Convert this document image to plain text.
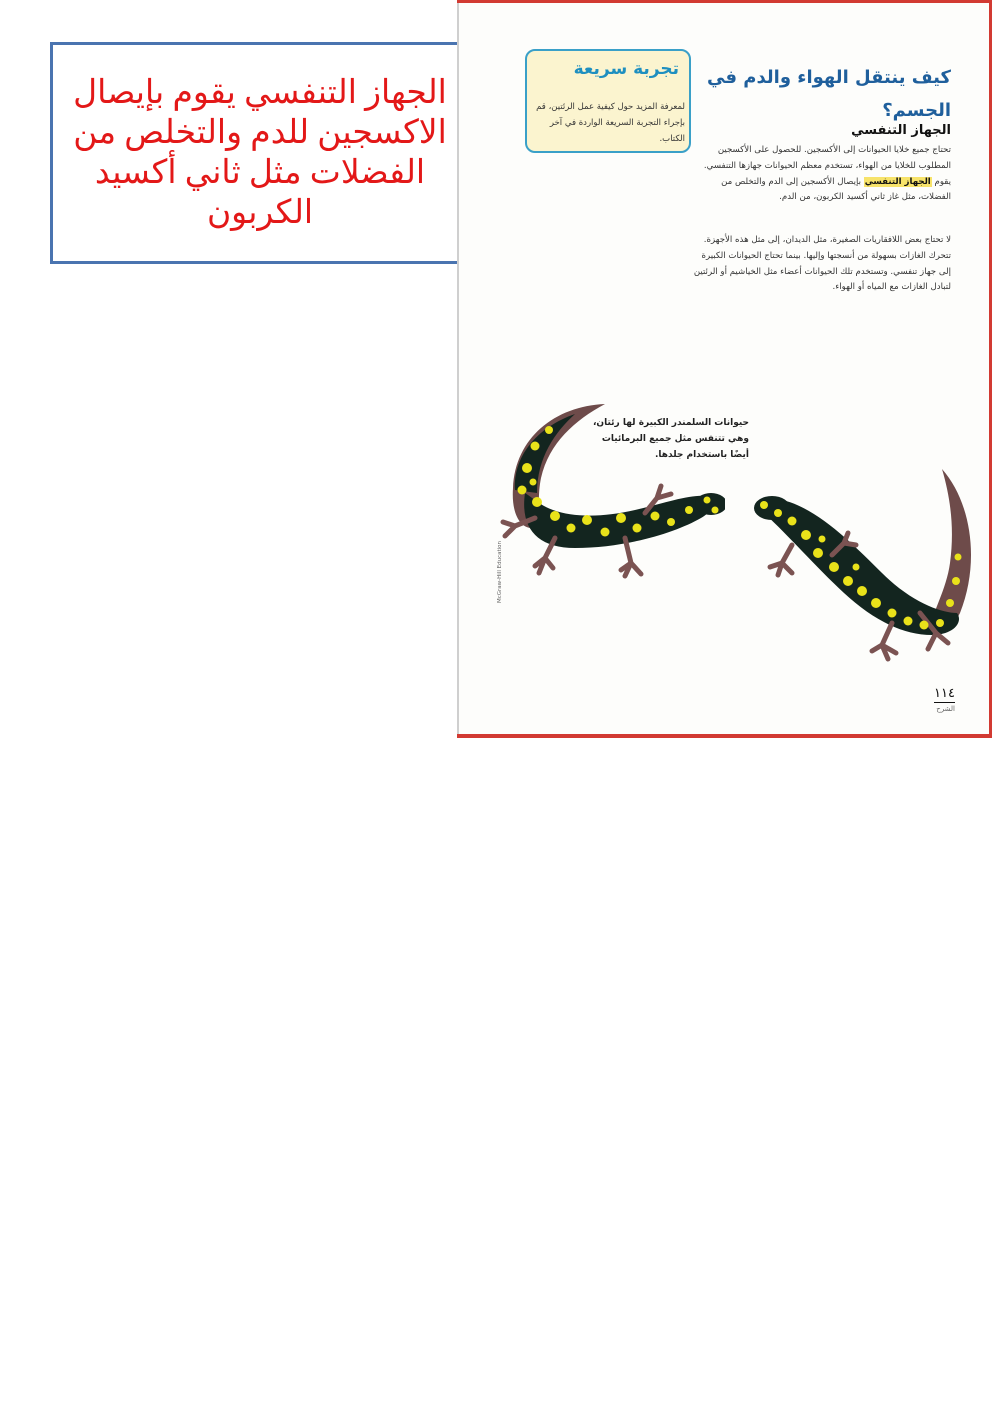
الجهاز التنفسي يقوم بإيصال الاكسجين للدم والتخلص من الفضلات مثل ثاني أكسيد الكربون
تجربة سريعة
لمعرفة المزيد حول كيفية عمل الرئتين، قم بإجراء التجربة السريعة الواردة في آخر الكتاب.
كيف ينتقل الهواء والدم في الجسم؟
الجهاز التنفسي
تحتاج جميع خلايا الحيوانات إلى الأكسجين. للحصول على الأكسجين المطلوب للخلايا من الهواء، تستخدم معظم الحيوانات جهازها التنفسي. يقوم الجهاز التنفسي بإيصال الأكسجين إلى الدم والتخلص من الفضلات، مثل غاز ثاني أكسيد الكربون، من الدم.
لا تحتاج بعض اللافقاريات الصغيرة، مثل الديدان، إلى مثل هذه الأجهزة. تتحرك الغازات بسهولة من أنسجتها وإليها. بينما تحتاج الحيوانات الكبيرة إلى جهاز تنفسي. وتستخدم تلك الحيوانات أعضاء مثل الخياشيم أو الرئتين لتبادل الغازات مع المياه أو الهواء.
حيوانات السلمندر الكبيرة لها رئتان، وهي تتنفس مثل جميع البرمائيات أيضًا باستخدام جلدها.
McGraw-Hill Education
١١٤
الشرح
